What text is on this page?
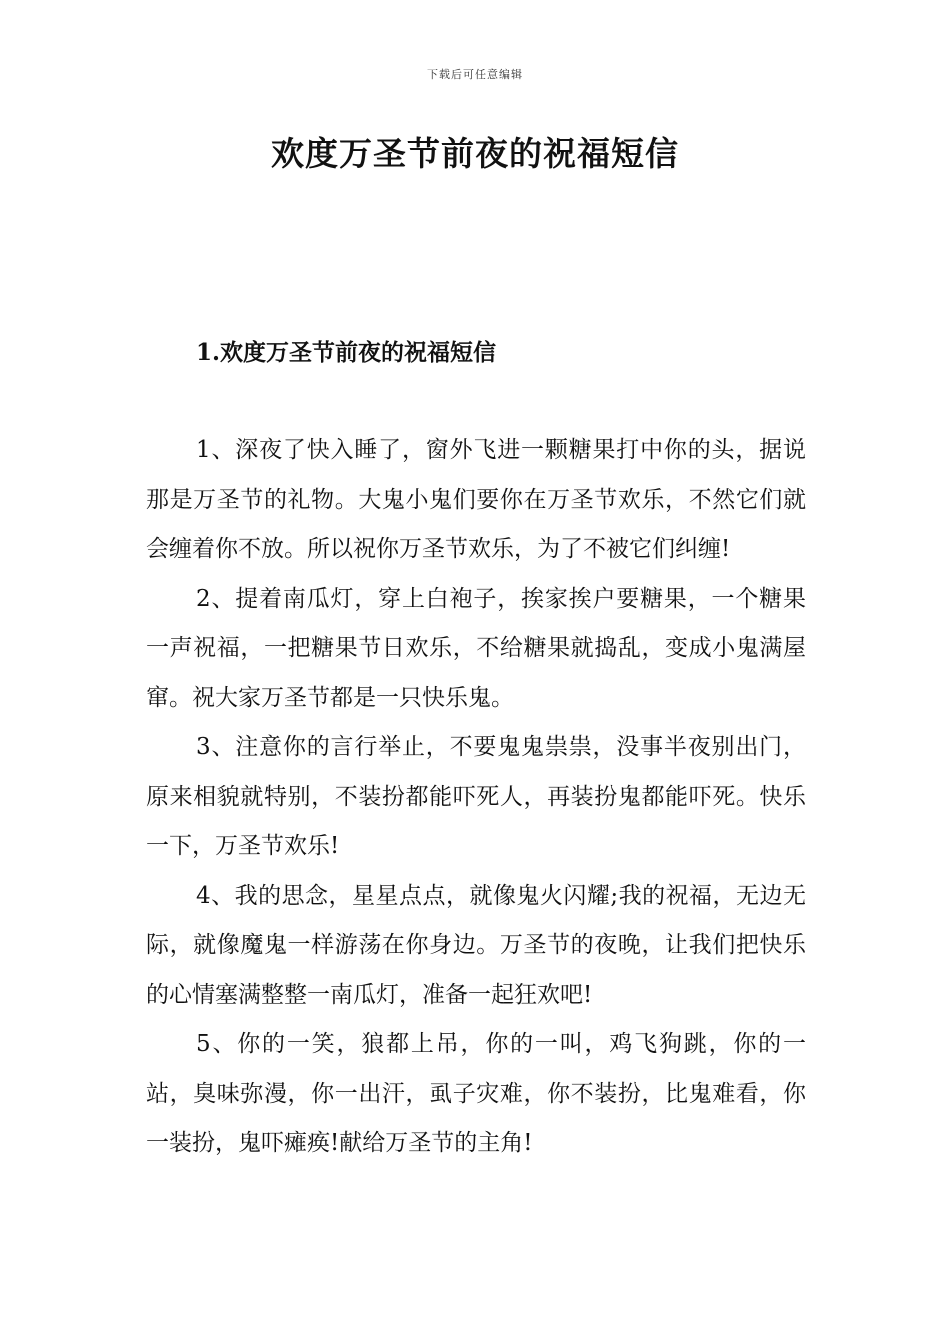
下载后可任意编辑
欢度万圣节前夜的祝福短信
1.欢度万圣节前夜的祝福短信

1、深夜了快入睡了，窗外飞进一颗糖果打中你的头，据说那是万圣节的礼物。大鬼小鬼们要你在万圣节欢乐，不然它们就会缠着你不放。所以祝你万圣节欢乐，为了不被它们纠缠!

2、提着南瓜灯，穿上白袍子，挨家挨户要糖果，一个糖果一声祝福，一把糖果节日欢乐，不给糖果就捣乱，变成小鬼满屋窜。祝大家万圣节都是一只快乐鬼。

3、注意你的言行举止，不要鬼鬼祟祟，没事半夜别出门，原来相貌就特别，不装扮都能吓死人，再装扮鬼都能吓死。快乐一下，万圣节欢乐!

4、我的思念，星星点点，就像鬼火闪耀;我的祝福，无边无际，就像魔鬼一样游荡在你身边。万圣节的夜晚，让我们把快乐的心情塞满整整一南瓜灯，准备一起狂欢吧!

5、你的一笑，狼都上吊，你的一叫，鸡飞狗跳，你的一站，臭味弥漫，你一出汗，虱子灾难，你不装扮，比鬼难看，你一装扮，鬼吓瘫痪!献给万圣节的主角!
